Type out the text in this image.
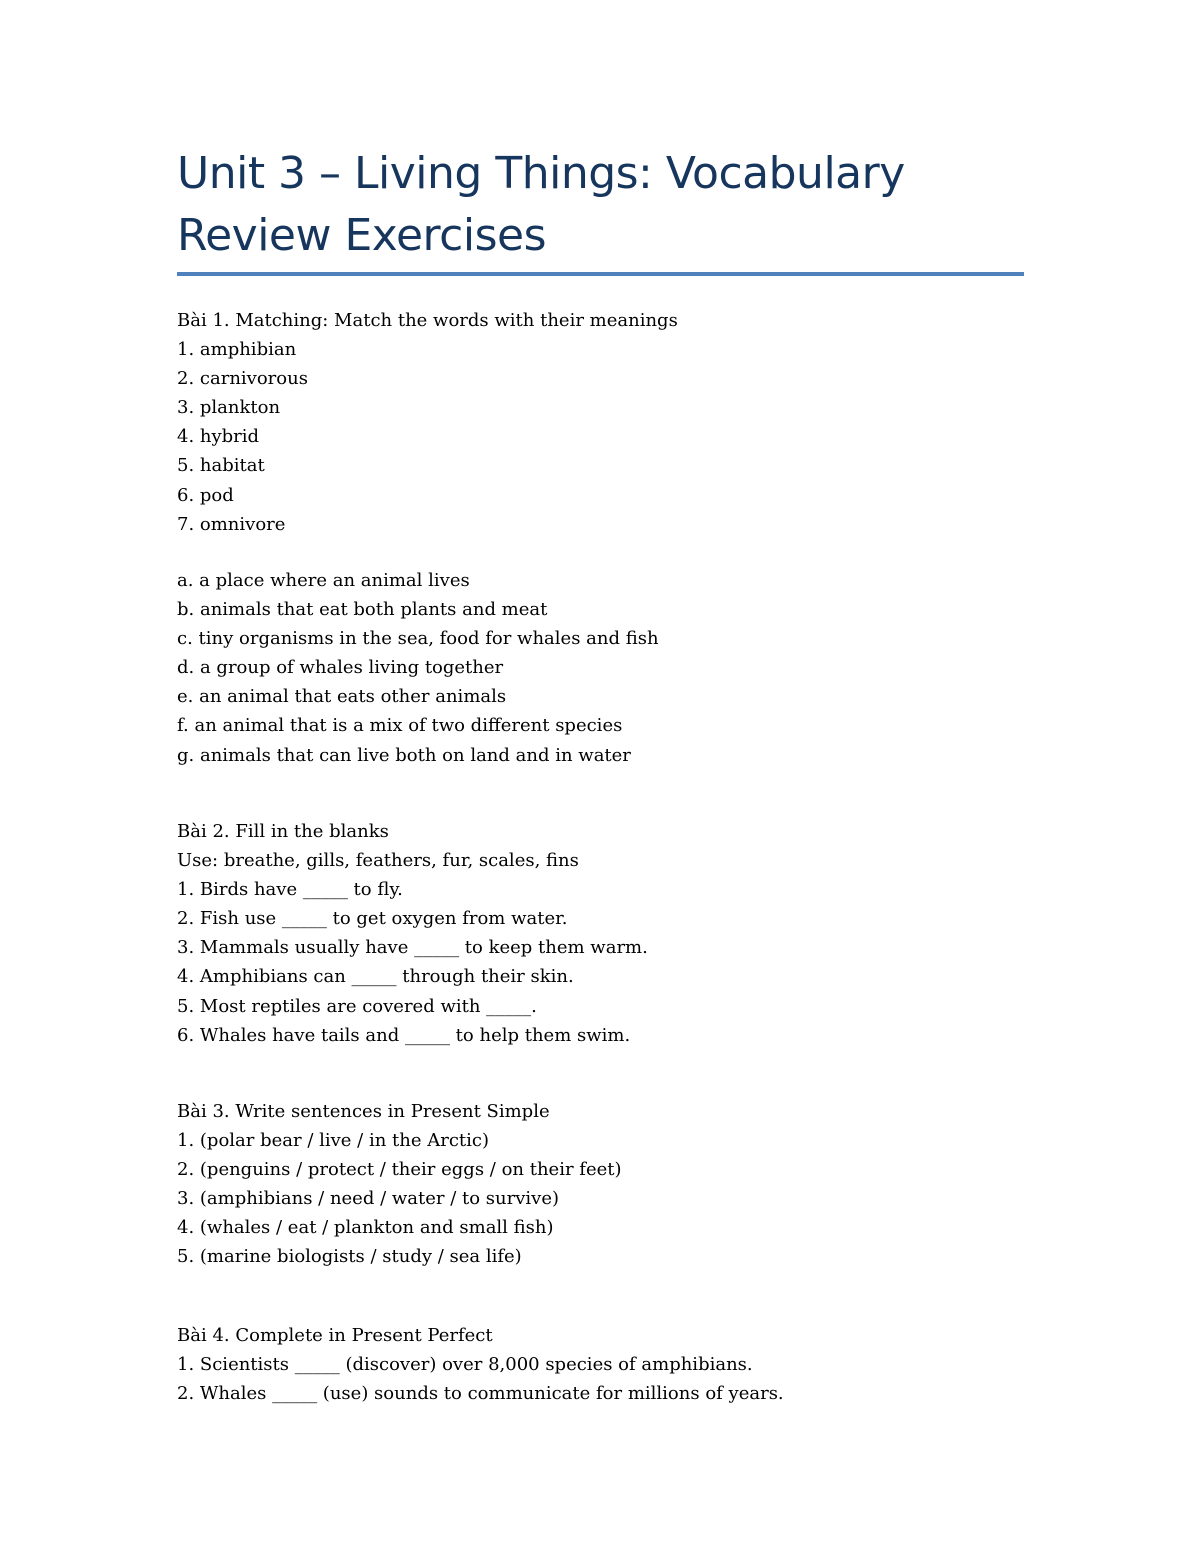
Unit 3 – Living Things: Vocabulary Review Exercises
Bài 1. Matching: Match the words with their meanings
1. amphibian
2. carnivorous
3. plankton
4. hybrid
5. habitat
6. pod
7. omnivore
a. a place where an animal lives
b. animals that eat both plants and meat
c. tiny organisms in the sea, food for whales and fish
d. a group of whales living together
e. an animal that eats other animals
f. an animal that is a mix of two different species
g. animals that can live both on land and in water
Bài 2. Fill in the blanks
Use: breathe, gills, feathers, fur, scales, fins
1. Birds have _____ to fly.
2. Fish use _____ to get oxygen from water.
3. Mammals usually have _____ to keep them warm.
4. Amphibians can _____ through their skin.
5. Most reptiles are covered with _____.
6. Whales have tails and _____ to help them swim.
Bài 3. Write sentences in Present Simple
1. (polar bear / live / in the Arctic)
2. (penguins / protect / their eggs / on their feet)
3. (amphibians / need / water / to survive)
4. (whales / eat / plankton and small fish)
5. (marine biologists / study / sea life)
Bài 4. Complete in Present Perfect
1. Scientists _____ (discover) over 8,000 species of amphibians.
2. Whales _____ (use) sounds to communicate for millions of years.
